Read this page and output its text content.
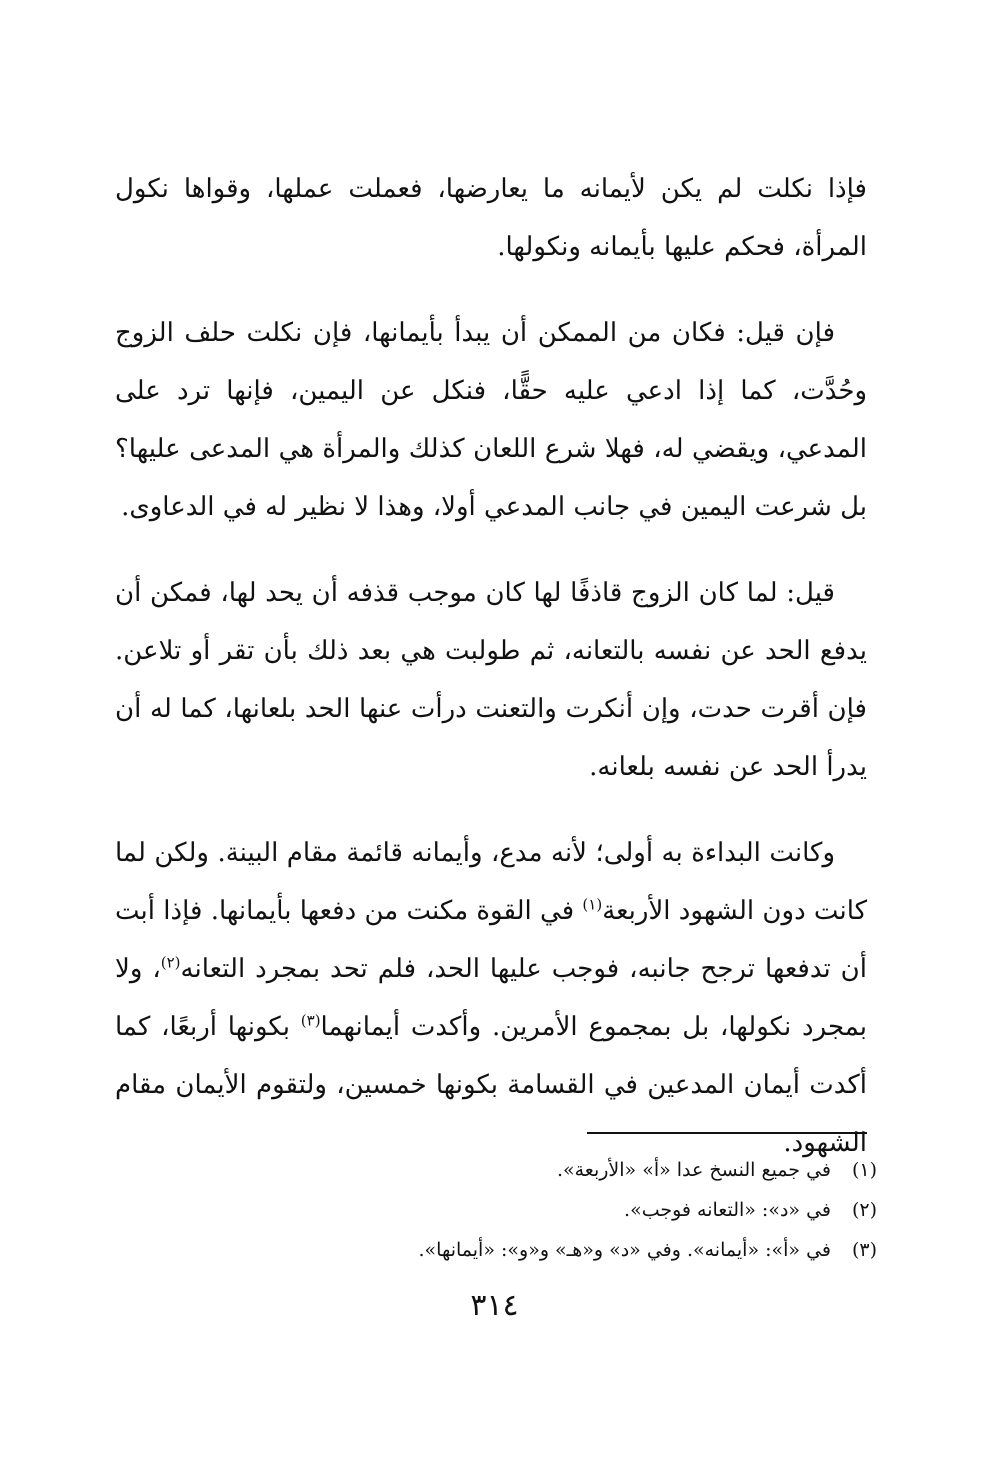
فإذا نكلت لم يكن لأيمانه ما يعارضها، فعملت عملها، وقواها نكول المرأة، فحكم عليها بأيمانه ونكولها.

فإن قيل: فكان من الممكن أن يبدأ بأيمانها، فإن نكلت حلف الزوج وحُدَّت، كما إذا ادعي عليه حقًّا، فنكل عن اليمين، فإنها ترد على المدعي، ويقضي له، فهلا شرع اللعان كذلك والمرأة هي المدعى عليها؟ بل شرعت اليمين في جانب المدعي أولا، وهذا لا نظير له في الدعاوى.

قيل: لما كان الزوج قاذفًا لها كان موجب قذفه أن يحد لها، فمكن أن يدفع الحد عن نفسه بالتعانه، ثم طولبت هي بعد ذلك بأن تقر أو تلاعن. فإن أقرت حدت، وإن أنكرت والتعنت درأت عنها الحد بلعانها، كما له أن يدرأ الحد عن نفسه بلعانه.

وكانت البداءة به أولى؛ لأنه مدع، وأيمانه قائمة مقام البينة. ولكن لما كانت دون الشهود الأربعة$^{(١)}$ في القوة مكنت من دفعها بأيمانها. فإذا أبت أن تدفعها ترجح جانبه، فوجب عليها الحد، فلم تحد بمجرد التعانه$^{(٢)}$، ولا بمجرد نكولها، بل بمجموع الأمرين. وأكدت أيمانهما$^{(٣)}$ بكونها أربعًا، كما أكدت أيمان المدعين في القسامة بكونها خمسين، ولتقوم الأيمان مقام الشهود.

(١)
في جميع النسخ عدا «أ» «الأربعة».
(٢)
في «د»: «التعانه فوجب».
(٣)
في «أ»: «أيمانه». وفي «د» و«هـ» و«و»: «أيمانها».
٣١٤
